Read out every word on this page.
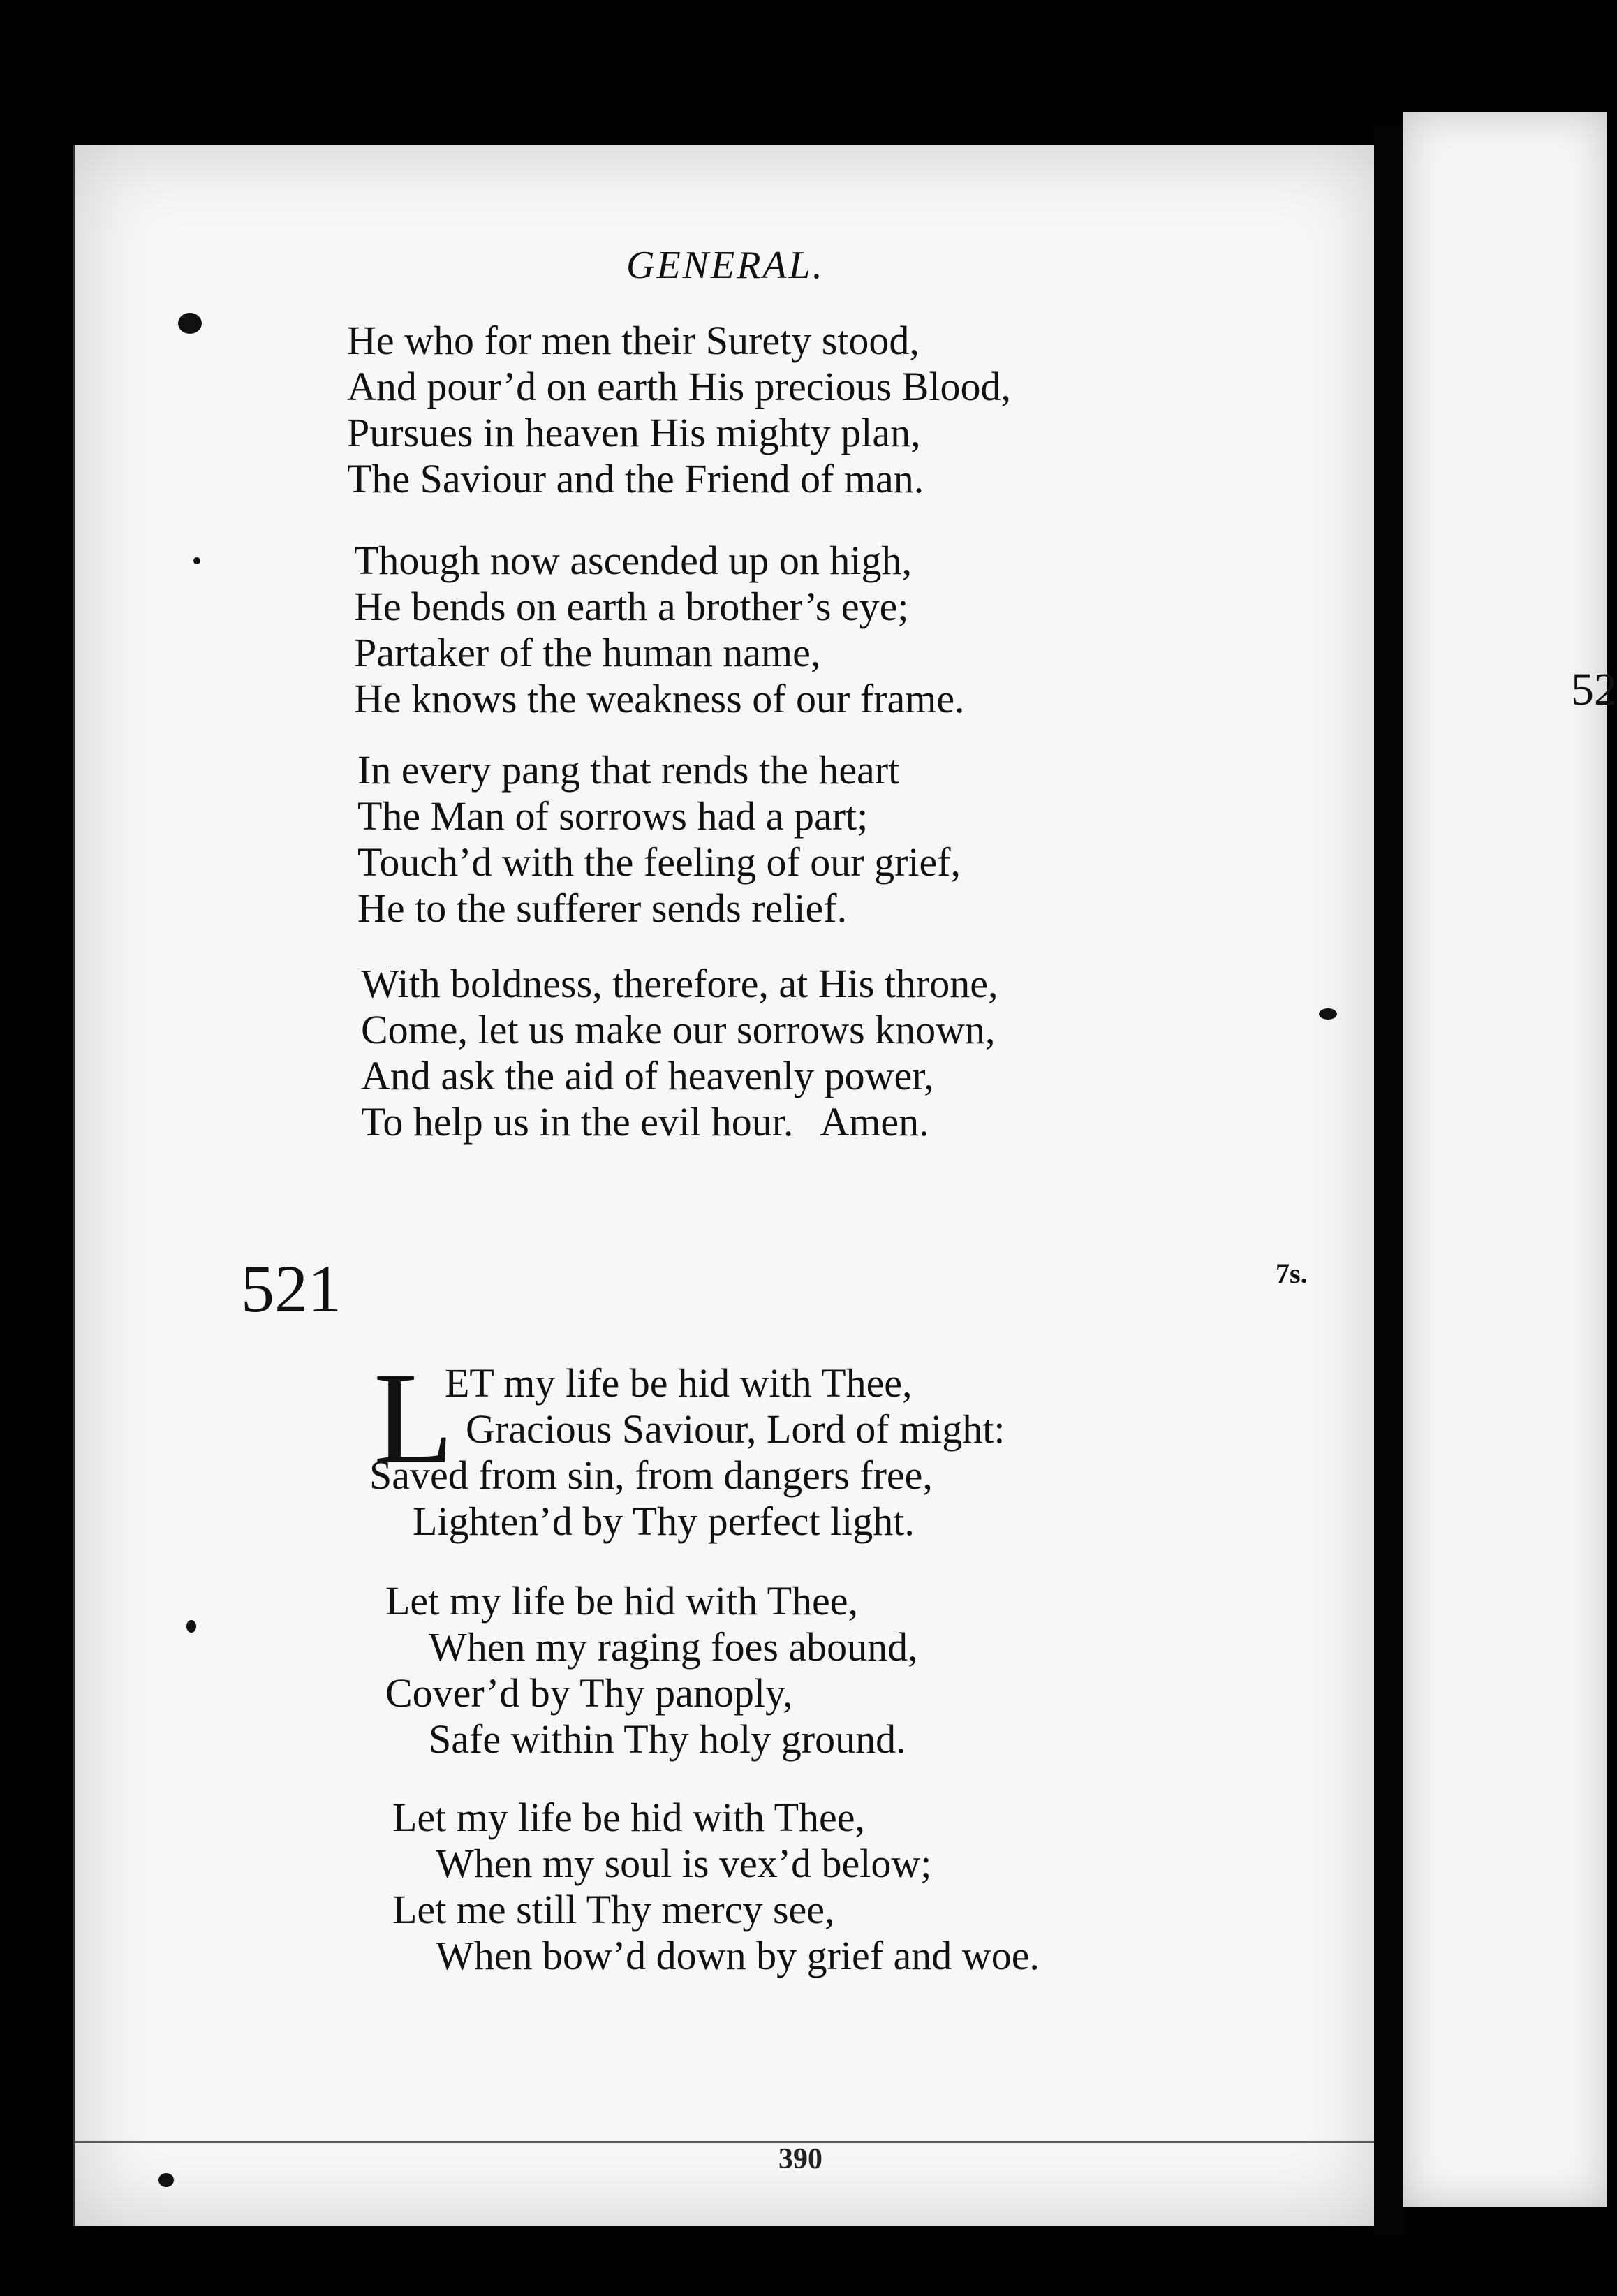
GENERAL.
He who for men their Surety stood,
And pour’d on earth His precious Blood,
Pursues in heaven His mighty plan,
The Saviour and the Friend of man.
Though now ascended up on high,
He bends on earth a brother’s eye;
Partaker of the human name,
He knows the weakness of our frame.
In every pang that rends the heart
The Man of sorrows had a part;
Touch’d with the feeling of our grief,
He to the sufferer sends relief.
With boldness, therefore, at His throne,
Come, let us make our sorrows known,
And ask the aid of heavenly power,
To help us in the evil hour. Amen.
521	7s.
L
ET my life be hid with Thee,
Gracious Saviour, Lord of might:
Saved from sin, from dangers free,
Lighten’d by Thy perfect light.
Let my life be hid with Thee,
When my raging foes abound,
Cover’d by Thy panoply,
Safe within Thy holy ground.
Let my life be hid with Thee,
When my soul is vex’d below;
Let me still Thy mercy see,
When bow’d down by grief and woe.
390
52
